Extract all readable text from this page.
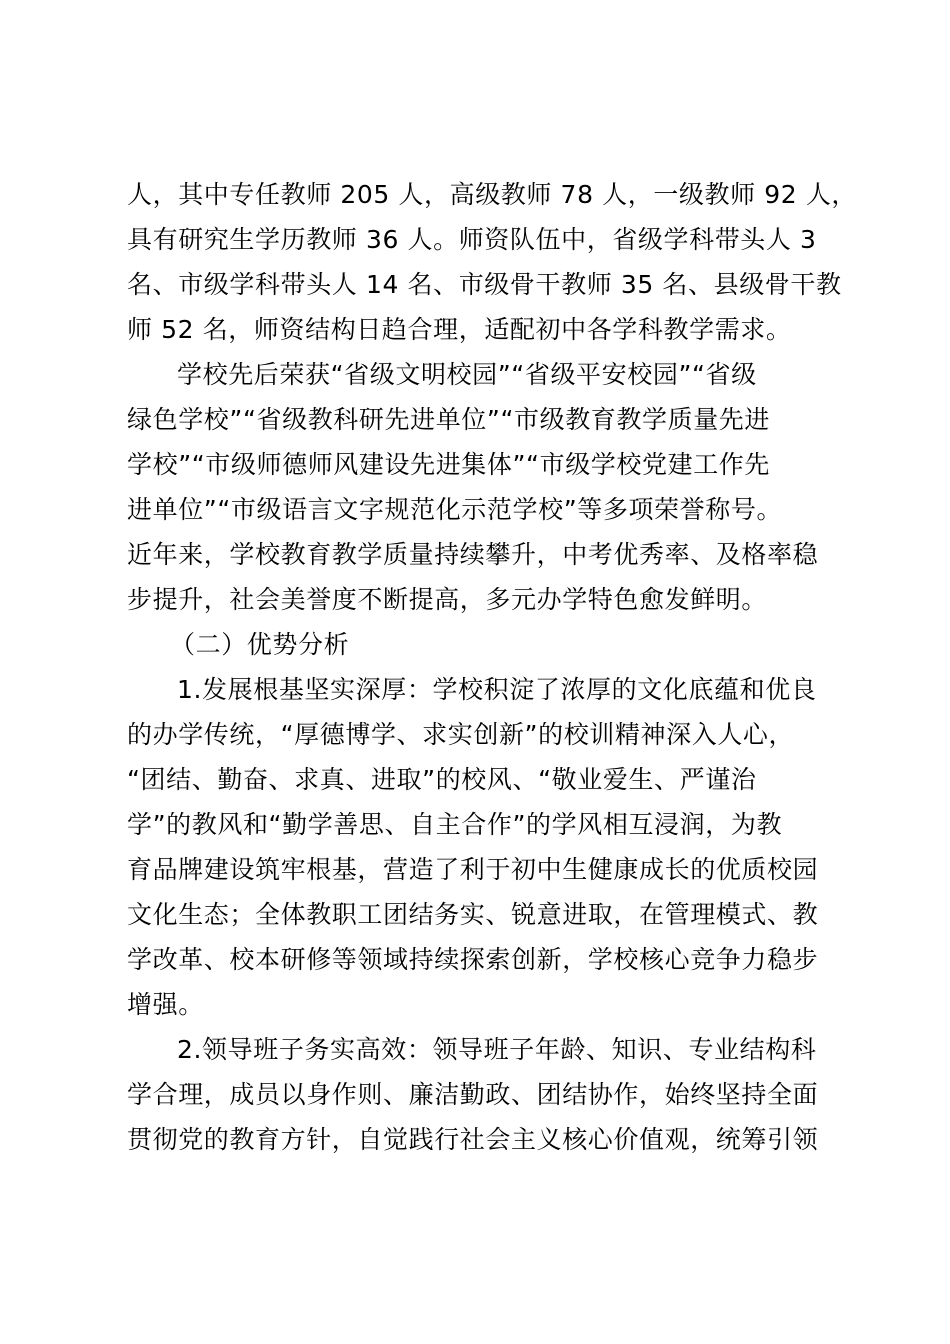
人，其中专任教师 205 人，高级教师 78 人，一级教师 92 人，
具有研究生学历教师 36 人。师资队伍中，省级学科带头人 3
名、市级学科带头人 14 名、市级骨干教师 35 名、县级骨干教
师 52 名，师资结构日趋合理，适配初中各学科教学需求。
学校先后荣获“省级文明校园”“省级平安校园”“省级
绿色学校”“省级教科研先进单位”“市级教育教学质量先进
学校”“市级师德师风建设先进集体”“市级学校党建工作先
进单位”“市级语言文字规范化示范学校”等多项荣誉称号。
近年来，学校教育教学质量持续攀升，中考优秀率、及格率稳
步提升，社会美誉度不断提高，多元办学特色愈发鲜明。
（二）优势分析
1.发展根基坚实深厚：学校积淀了浓厚的文化底蕴和优良
的办学传统，“厚德博学、求实创新”的校训精神深入人心，
“团结、勤奋、求真、进取”的校风、“敬业爱生、严谨治
学”的教风和“勤学善思、自主合作”的学风相互浸润，为教
育品牌建设筑牢根基，营造了利于初中生健康成长的优质校园
文化生态；全体教职工团结务实、锐意进取，在管理模式、教
学改革、校本研修等领域持续探索创新，学校核心竞争力稳步
增强。
2.领导班子务实高效：领导班子年龄、知识、专业结构科
学合理，成员以身作则、廉洁勤政、团结协作，始终坚持全面
贯彻党的教育方针，自觉践行社会主义核心价值观，统筹引领
